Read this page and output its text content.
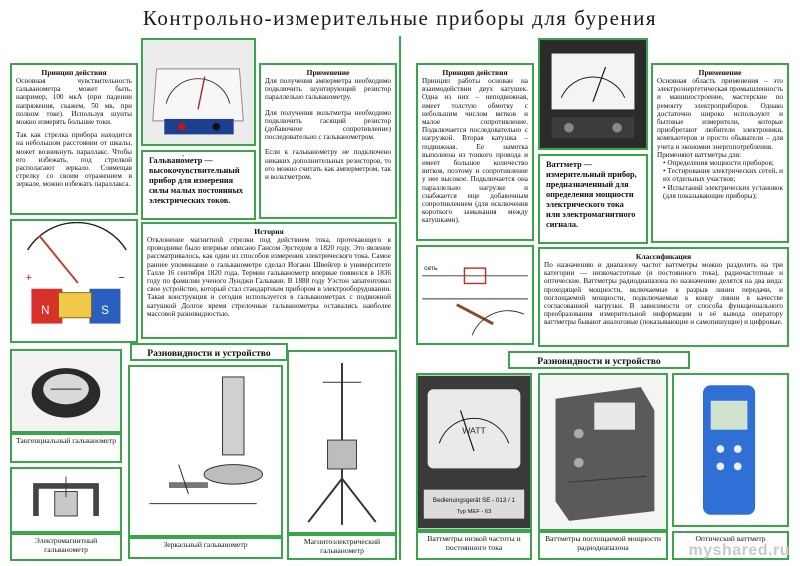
Контрольно-измерительные приборы для бурения
Принцип действия
Основная чувствительность гальванометра может быть, например, 100 мкА (при падении напряжения, скажем, 50 мв, при полном токе). Используя шунты можно измерять большие токи.
Так как стрелка прибора находится на небольшом расстоянии от шкалы, может возникнуть параллакс. Чтобы его избежать, под стрелкой располагают зеркало. Совмещая стрелку со своим отражением в зеркале, можно избежать параллакса.
Гальвано́метр — высокочувствительный прибор для измерения силы малых постоянных электрических токов.
Применение
Для получения амперметра необходимо подключить шунтирующий резистор параллельно гальванометру.
Для получения вольтметра необходимо подключить гасящий резистор (добавочное сопротивление) последовательно с гальванометром.
Если к гальванометру не подключено никаких дополнительных резисторов, то его можно считать как амперметром, так и вольтметром.
N	S
+	−
История
Отклонение магнитной стрелки под действием тока, протекающего в проводнике было впервые описано Гансом Эрстедом в 1820 году. Это явление рассматривалось, как один из способов измерения электрического тока. Самое раннее упоминание о гальванометре сделал Иоганн Швейгер в университете Галле 16 сентября 1820 года. Термин гальванометр впервые появился в 1836 году по фамилии ученого Луиджи Гальвани. В 1888 году Уэстон запатентовал свое устройство, который стал стандартным прибором в электрооборудовании. Такая конструкция и сегодня используется в гальванометрах с подвижной катушкой Долгое время стрелочные гальванометры оставались наиболее массовой разновидностью.
Разновидности и устройство
Тангенциальный гальванометр
Электромагнитный гальванометр
Зеркальный гальванометр	Магнитоэлектрический гальванометр
Принцип действия
Принцип работы основан на взаимодействии двух катушек. Одна из них – неподвижная, имеет толстую обмотку с небольшим числом витков и малое сопротивление. Подключается последовательно с нагрузкой. Вторая катушка – подвижная. Ее намотка выполнена из тонкого провода и имеет большое количество витков, поэтому и сопротивление у нее высокое. Подключается она параллельно нагрузке и снабжается еще добавочным сопротивлением (для исключения короткого замыкания между катушками).
Ваттметр — измерительный прибор, предназначенный для определения мощности электрического тока или электромагнитного сигнала.
Применение
Основная область применения – это электроэнергетическая промышленность и машиностроение, мастерские по ремонту электроприборов. Однако достаточно широко используют и бытовые измерители, которые приобретают любители электроники, компьютеров и просто обыватели – для учета и экономии энергопотребления.
Применяют ваттметры для:
• Определения мощности приборов;
• Тестирования электрических сетей, и их отдельных участков;
• Испытаний электрических установок (для показывающие приборы);
сеть
Классификация
По назначению и диапазону частот ваттметры можно разделить на три категории — низкочастотные (и постоянного тока), радиочастотные и оптические. Ваттметры радиодиапазона по назначению делятся на два вида: проходящей мощности, включаемые в разрыв линии передачи, и поглощаемой мощности, подключаемые к концу линии в качестве согласованной нагрузки. В зависимости от способа функционального преобразования измерительной информации и её вывода оператору ваттметры бывают аналоговые (показывающие и самопишущие) и цифровые.
Разновидности и устройство
WATT
Bedienungsgerät SE - 013 / 1
Typ MEF - 63
Ваттметры низкой частоты и постоянного тока
Ваттметры поглощаемой мощности радиодиапазона
Оптический ваттметр
myshared.ru
